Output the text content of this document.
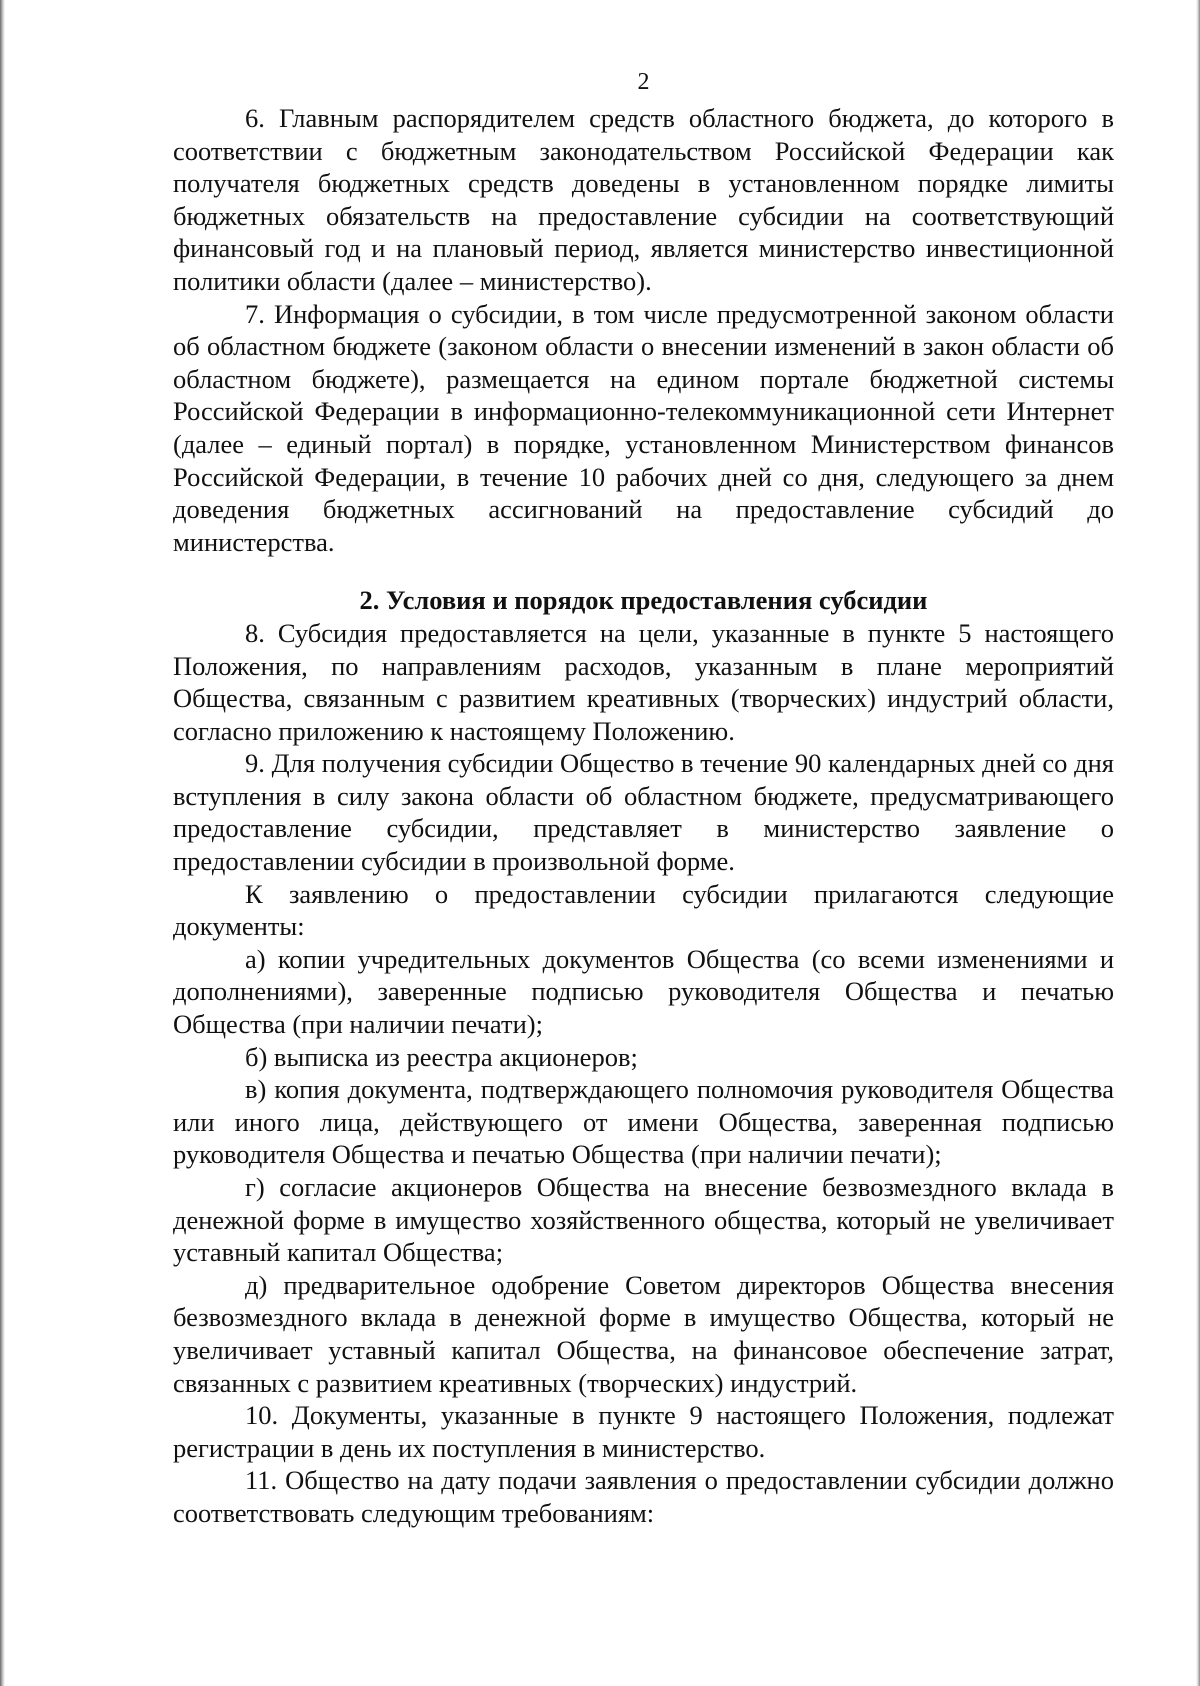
2

6. Главным распорядителем средств областного бюджета, до которого в соответствии с бюджетным законодательством Российской Федерации как получателя бюджетных средств доведены в установленном порядке лимиты бюджетных обязательств на предоставление субсидии на соответствующий финансовый год и на плановый период, является министерство инвестиционной политики области (далее – министерство).

7. Информация о субсидии, в том числе предусмотренной законом области об областном бюджете (законом области о внесении изменений в закон области об областном бюджете), размещается на едином портале бюджетной системы Российской Федерации в информационно-телекоммуникационной сети Интернет (далее – единый портал) в порядке, установленном Министерством финансов Российской Федерации, в течение 10 рабочих дней со дня, следующего за днем доведения бюджетных ассигнований на предоставление субсидий до министерства.

2. Условия и порядок предоставления субсидии

8. Субсидия предоставляется на цели, указанные в пункте 5 настоящего Положения, по направлениям расходов, указанным в плане мероприятий Общества, связанным с развитием креативных (творческих) индустрий области, согласно приложению к настоящему Положению.

9. Для получения субсидии Общество в течение 90 календарных дней со дня вступления в силу закона области об областном бюджете, предусматривающего предоставление субсидии, представляет в министерство заявление о предоставлении субсидии в произвольной форме.

К заявлению о предоставлении субсидии прилагаются следующие документы:

а) копии учредительных документов Общества (со всеми изменениями и дополнениями), заверенные подписью руководителя Общества и печатью Общества (при наличии печати);

б) выписка из реестра акционеров;

в) копия документа, подтверждающего полномочия руководителя Общества или иного лица, действующего от имени Общества, заверенная подписью руководителя Общества и печатью Общества (при наличии печати);

г) согласие акционеров Общества на внесение безвозмездного вклада в денежной форме в имущество хозяйственного общества, который не увеличивает уставный капитал Общества;

д) предварительное одобрение Советом директоров Общества внесения безвозмездного вклада в денежной форме в имущество Общества, который не увеличивает уставный капитал Общества, на финансовое обеспечение затрат, связанных с развитием креативных (творческих) индустрий.

10. Документы, указанные в пункте 9 настоящего Положения, подлежат регистрации в день их поступления в министерство.

11. Общество на дату подачи заявления о предоставлении субсидии должно соответствовать следующим требованиям:
